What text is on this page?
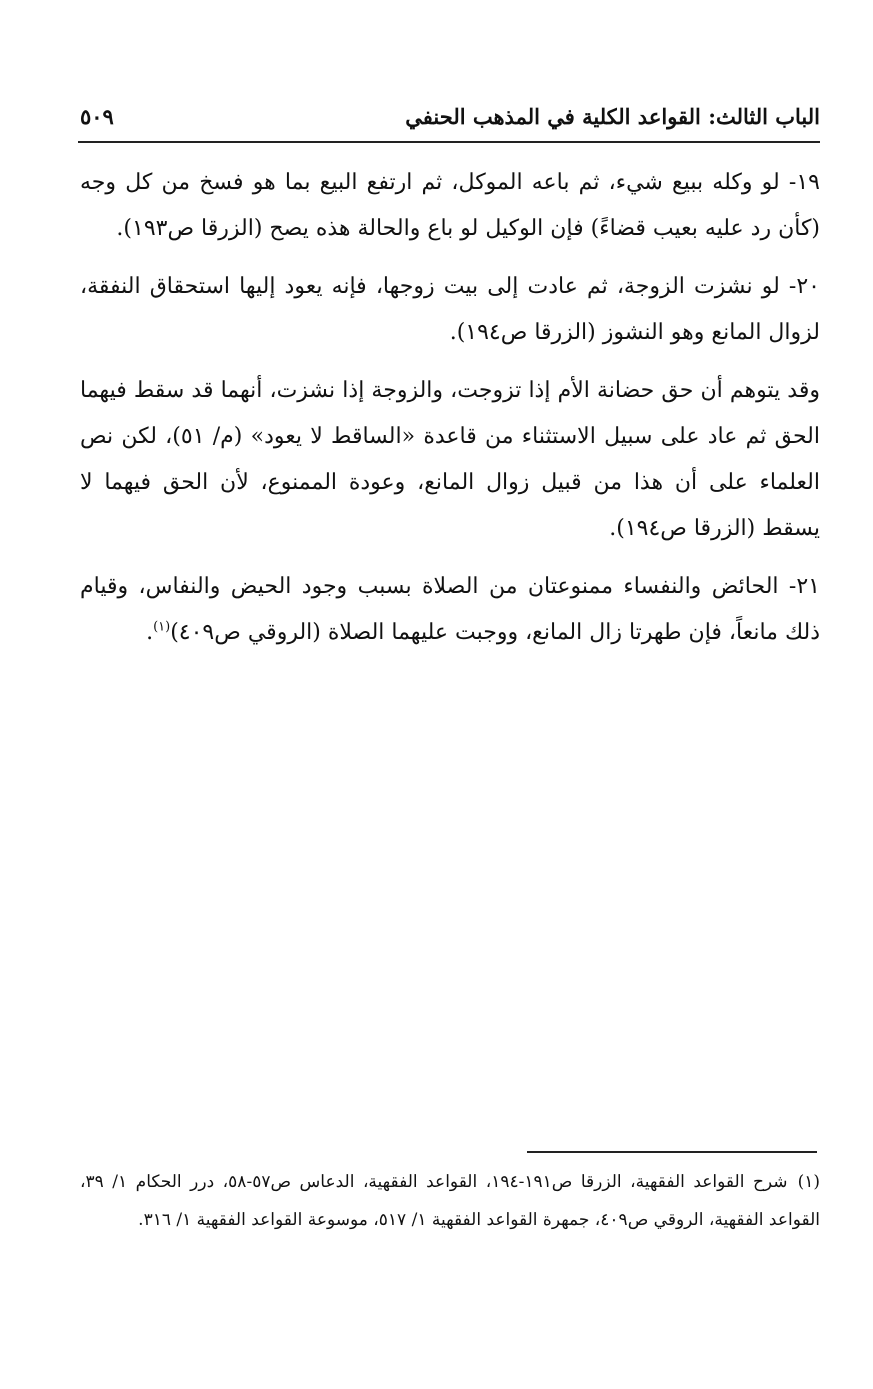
الباب الثالث: القواعد الكلية في المذهب الحنفي
٥٠٩

١٩- لو وكله ببيع شيء، ثم باعه الموكل، ثم ارتفع البيع بما هو فسخ من كل وجه (كأن رد عليه بعيب قضاءً) فإن الوكيل لو باع والحالة هذه يصح (الزرقا ص١٩٣).

٢٠- لو نشزت الزوجة، ثم عادت إلى بيت زوجها، فإنه يعود إليها استحقاق النفقة، لزوال المانع وهو النشوز (الزرقا ص١٩٤).

وقد يتوهم أن حق حضانة الأم إذا تزوجت، والزوجة إذا نشزت، أنهما قد سقط فيهما الحق ثم عاد على سبيل الاستثناء من قاعدة «الساقط لا يعود» (م/ ٥١)، لكن نص العلماء على أن هذا من قبيل زوال المانع، وعودة الممنوع، لأن الحق فيهما لا يسقط (الزرقا ص١٩٤).

٢١- الحائض والنفساء ممنوعتان من الصلاة بسبب وجود الحيض والنفاس، وقيام ذلك مانعاً، فإن طهرتا زال المانع، ووجبت عليهما الصلاة (الروقي ص٤٠٩)$^{(١)}$.

(١)شرح القواعد الفقهية، الزرقا ص١٩١-١٩٤، القواعد الفقهية، الدعاس ص٥٧-٥٨، درر الحكام ١/ ٣٩، القواعد الفقهية، الروقي ص٤٠٩، جمهرة القواعد الفقهية ١/ ٥١٧، موسوعة القواعد الفقهية ١/ ٣١٦.
